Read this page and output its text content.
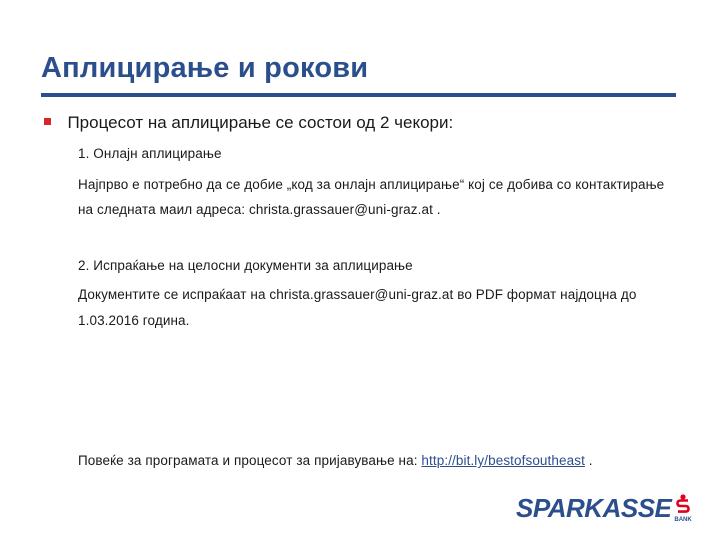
Аплицирање и рокови
Процесот на аплицирање се состои од 2 чекори:
1. Онлајн аплицирање
Најпрво е потребно да се добие „код за онлајн аплицирање“ кој се добива со контактирање
на следната маил адреса: christa.grassauer@uni-graz.at .
2. Испраќање на целосни документи за аплицирање
Документите се испраќаат на christa.grassauer@uni-graz.at во PDF формат најдоцна до
1.03.2016 година.
Повеќе за програмата и процесот за пријавување на: http://bit.ly/bestofsoutheast .
SPARKASSE BANK
